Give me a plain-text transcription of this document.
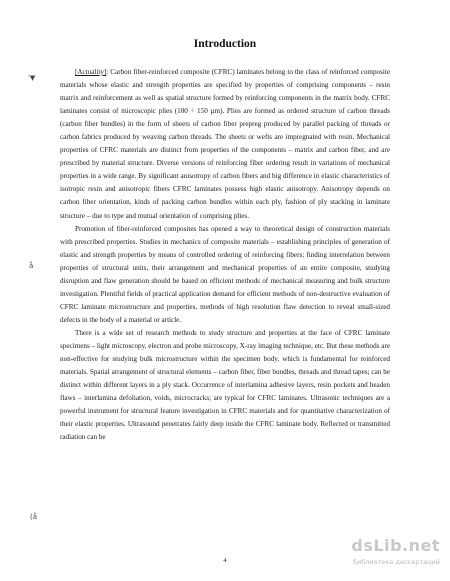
Introduction
'▼
å
(å

[Actuality]: Carbon fiber-reinforced composite (CFRC) laminates belong to the class of reinforced composite materials whose elastic and strength properties are specified by properties of comprising components – resin matrix and reinforcement as well as spatial structure formed by reinforcing components in the matrix body. CFRC laminates consist of microscopic plies (100 ÷ 150 µm). Plies are formed as ordered structure of carbon threads (carbon fiber bundles) in the form of sheets of carbon fiber prepreg produced by parallel packing of threads or carbon fabrics produced by weaving carbon threads. The sheets or wefts are impregnated with resin. Mechanical properties of CFRC materials are distinct from properties of the components – matrix and carbon fiber, and are prescribed by material structure. Diverse versions of reinforcing fiber ordering result in variations of mechanical properties in a wide range. By significant anisotropy of carbon fibers and big difference in elastic characteristics of isotropic resin and anisotropic fibers CFRC laminates possess high elastic anisotropy. Anisotropy depends on carbon fiber orientation, kinds of packing carbon bundles within each ply, fashion of ply stacking in laminate structure – due to type and mutual orientation of comprising plies.

Promotion of fiber-reinforced composites has opened a way to theoretical design of construction materials with prescribed properties. Studies in mechanics of composite materials – establishing principles of generation of elastic and strength properties by means of controlled ordering of reinforcing fibers; finding interrelation between properties of structural units, their arrangement and mechanical properties of an entire composite, studying disruption and flaw generation should be based on efficient methods of mechanical measuring and bulk structure investigation. Plentiful fields of practical application demand for efficient methods of non-destructive evaluation of CFRC laminate microstructure and properties, methods of high resolution flaw detection to reveal small-sized defects in the body of a material or article.

There is a wide set of research methods to study structure and properties at the face of CFRC laminate specimens – light microscopy, electron and probe microscopy, X-ray imaging technique, etc. But these methods are non-effective for studying bulk microstructure within the specimen body, which is fundamental for reinforced materials. Spatial arrangement of structural elements – carbon fiber, fiber bundles, threads and thread tapes; can be distinct within different layers in a ply stack. Occurrence of interlamina adhesive layers, resin pockets and headen flaws – interlamina defoliation, voids, microcracks; are typical for CFRC laminates. Ultrasonic techniques are a powerful instrument for structural feature investigation in CFRC materials and for quantitative characterization of their elastic properties. Ultrasound penetrates fairly deep inside the CFRC laminate body. Reflected or transmitted radiation can be

4
dsLib.net
библиотека диссертаций
